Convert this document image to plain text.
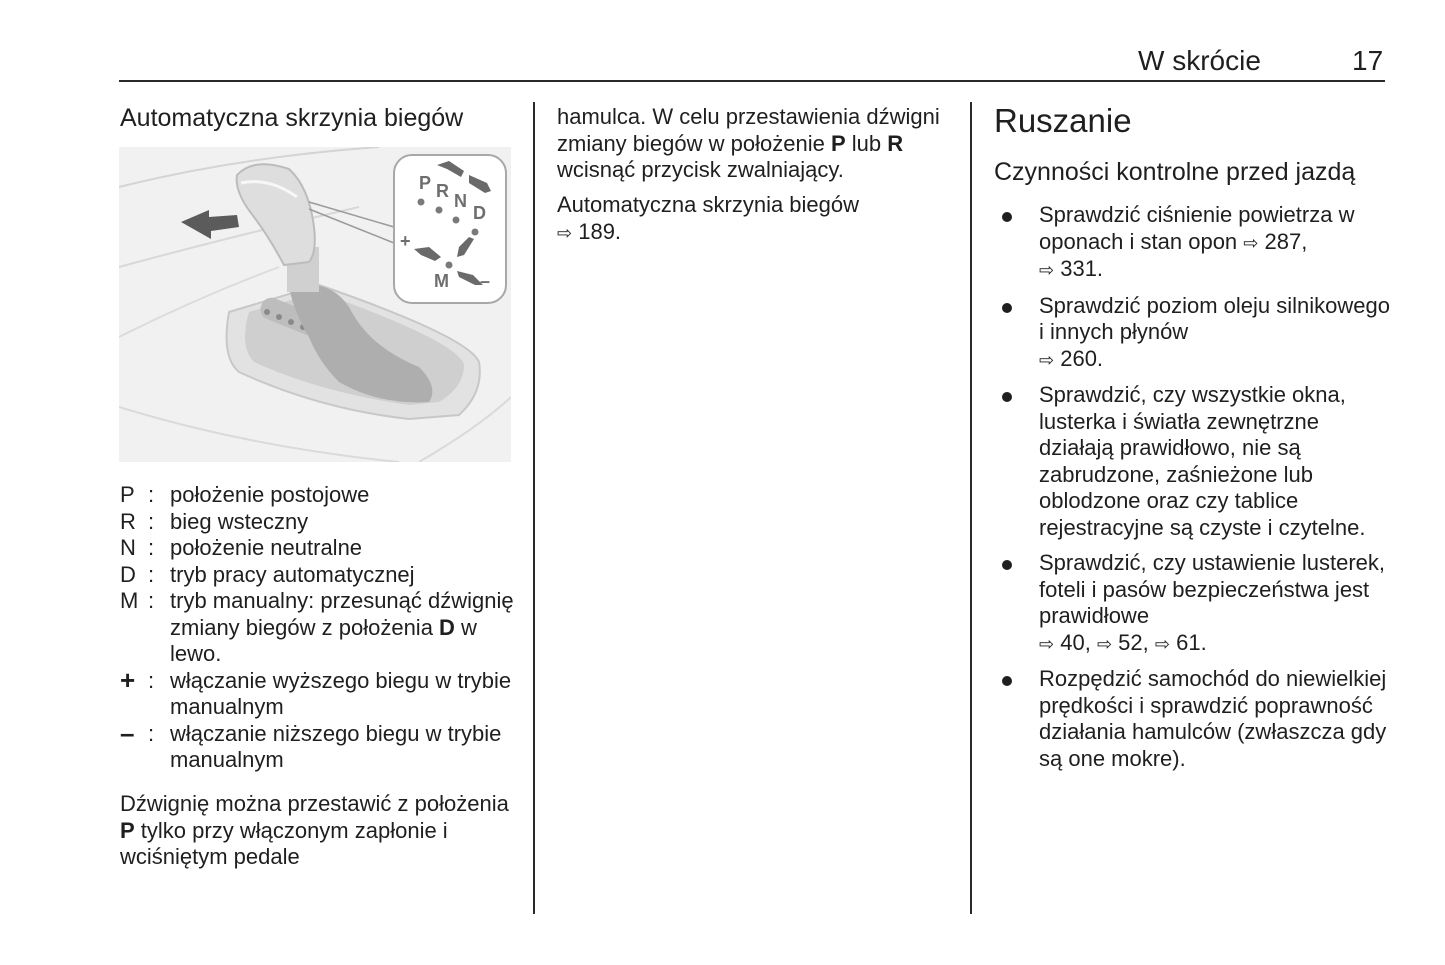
W skrócie	17
Automatyczna skrzynia biegów
P R N
D
M
+
–
P : położenie postojowe
R : bieg wsteczny
N : położenie neutralne
D : tryb pracy automatycznej
M : tryb manualny: przesunąć dźwignię zmiany biegów z położenia D w lewo.
+ : włączanie wyższego biegu w trybie manualnym
– : włączanie niższego biegu w trybie manualnym
Dźwignię można przestawić z położenia P tylko przy włączonym zapłonie i wciśniętym pedale
hamulca. W celu przestawienia dźwigni zmiany biegów w położenie P lub R wcisnąć przycisk zwalniający.
Automatyczna skrzynia biegów
⇨ 189.
Ruszanie
Czynności kontrolne przed jazdą
Sprawdzić ciśnienie powietrza w oponach i stan opon ⇨ 287,
⇨ 331.
Sprawdzić poziom oleju silnikowego i innych płynów
⇨ 260.
Sprawdzić, czy wszystkie okna, lusterka i światła zewnętrzne działają prawidłowo, nie są zabrudzone, zaśnieżone lub oblodzone oraz czy tablice rejestracyjne są czyste i czytelne.
Sprawdzić, czy ustawienie lusterek, foteli i pasów bezpieczeństwa jest prawidłowe
⇨ 40, ⇨ 52, ⇨ 61.
Rozpędzić samochód do niewielkiej prędkości i sprawdzić poprawność działania hamulców (zwłaszcza gdy są one mokre).
